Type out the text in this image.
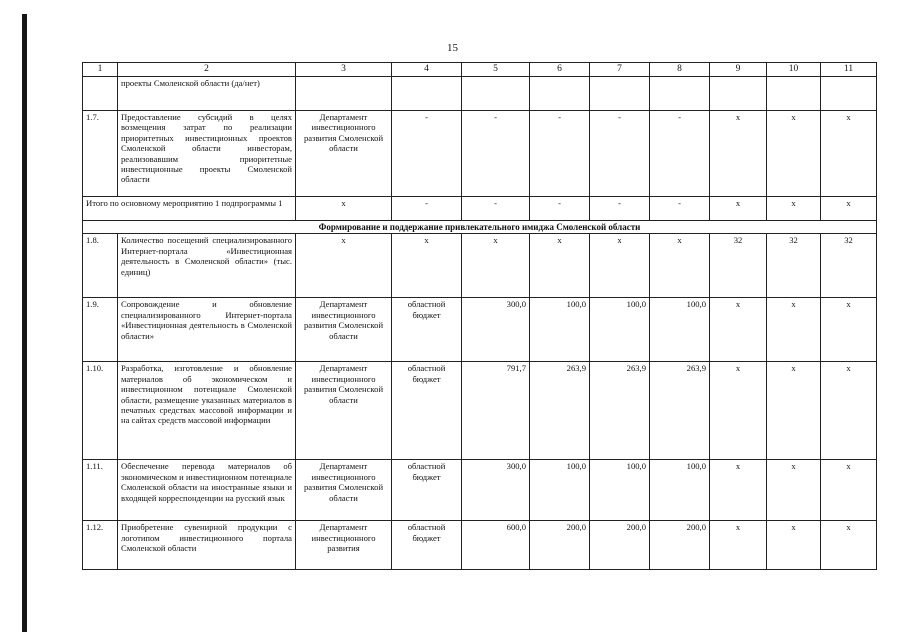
15
1	2	3	4	5	6	7	8	9	10	11
	проекты Смоленской области (да/нет)									
1.7.	Предоставление субсидий в целях возмещения затрат по реализации приоритетных инвестиционных проектов Смоленской области инвесторам, реализовавшим приоритетные инвестиционные проекты Смоленской области	Департамент инвестиционного развития Смоленской области	-	-	-	-	-	х	х	х
Итого по основному мероприятию 1 подпрограммы 1		х	-	-	-	-	-	х	х	х
Формирование и поддержание привлекательного имиджа Смоленской области										
1.8.	Количество посещений специализированного Интернет-портала «Инвестиционная деятельность в Смоленской области» (тыс. единиц)	х	х	х	х	х	х	32	32	32
1.9.	Сопровождение и обновление специализированного Интернет-портала «Инвестиционная деятельность в Смоленской области»	Департамент инвестиционного развития Смоленской области	областной бюджет	300,0	100,0	100,0	100,0	х	х	х
1.10.	Разработка, изготовление и обновление материалов об экономическом и инвестиционном потенциале Смоленской области, размещение указанных материалов в печатных средствах массовой информации и на сайтах средств массовой информации	Департамент инвестиционного развития Смоленской области	областной бюджет	791,7	263,9	263,9	263,9	х	х	х
1.11.	Обеспечение перевода материалов об экономическом и инвестиционном потенциале Смоленской области на иностранные языки и входящей корреспонденции на русский язык	Департамент инвестиционного развития Смоленской области	областной бюджет	300,0	100,0	100,0	100,0	х	х	х
1.12.	Приобретение сувенирной продукции с логотипом инвестиционного портала Смоленской области	Департамент инвестиционного развития	областной бюджет	600,0	200,0	200,0	200,0	х	х	х
